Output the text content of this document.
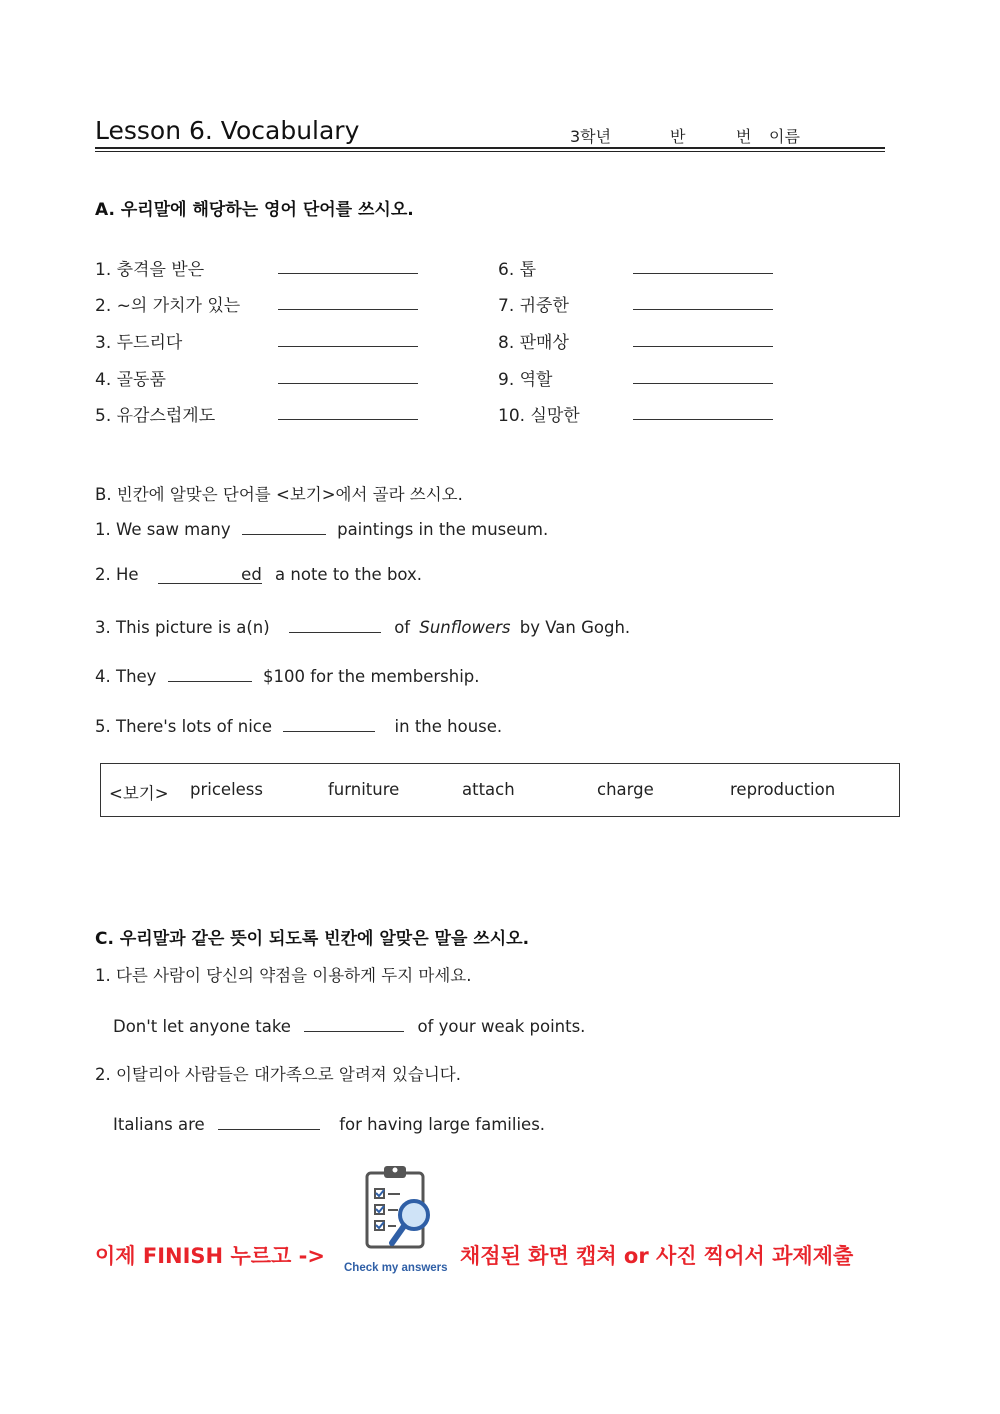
Lesson 6. Vocabulary	3학년	반	번 이름
A. 우리말에 해당하는 영어 단어를 쓰시오.
1. 충격을 받은
2. ~의 가치가 있는
3. 두드리다
4. 골동품
5. 유감스럽게도
6. 톱
7. 귀중한
8. 판매상
9. 역할
10. 실망한
B. 빈칸에 알맞은 단어를 <보기>에서 골라 쓰시오.
1. We saw many	paintings in the museum.
2. He	ed a note to the box.
3. This picture is a(n)	of Sunflowers by Van Gogh.
4. They	$100 for the membership.
5. There's lots of nice	in the house.
<보기> priceless	furniture	attach	charge	reproduction
C. 우리말과 같은 뜻이 되도록 빈칸에 알맞은 말을 쓰시오.
1. 다른 사람이 당신의 약점을 이용하게 두지 마세요.
Don't let anyone take	of your weak points.
2. 이탈리아 사람들은 대가족으로 알려져 있습니다.
Italians are	for having large families.
이제 FINISH 누르고 -> Check my answers 채점된 화면 캡쳐 or 사진 찍어서 과제제출
